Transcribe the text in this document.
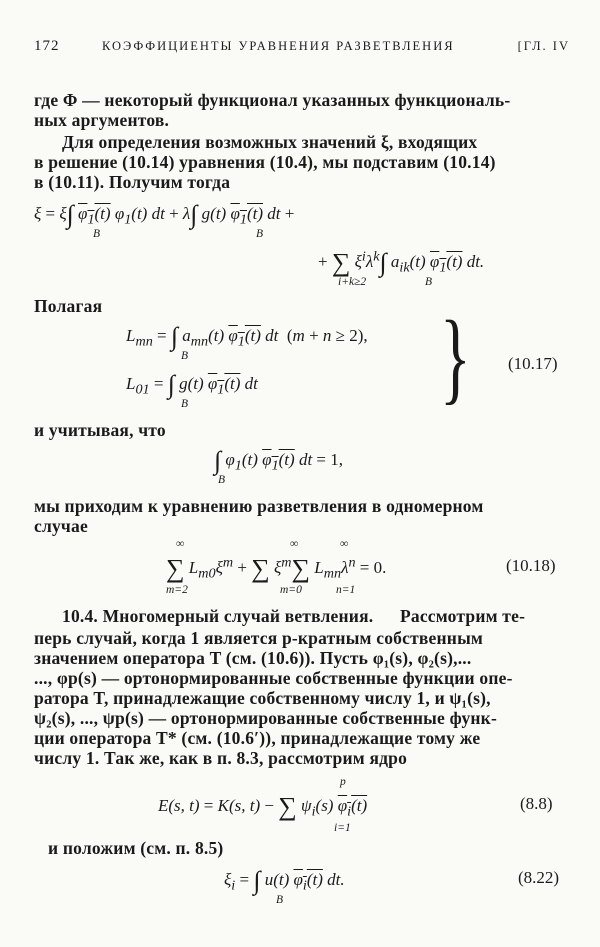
172	КОЭФФИЦИЕНТЫ УРАВНЕНИЯ РАЗВЕТВЛЕНИЯ	[ГЛ. IV
где Φ — некоторый функционал указанных функциональ-
ных аргументов.
Для определения возможных значений ξ, входящих
в решение (10.14) уравнения (10.4), мы подставим (10.14)
в (10.11). Получим тогда
ξ = ξ∫ $\varphi_1(t)$ $\varphi_1(t)$ dt + λ∫ g(t) $\varphi_1(t)$ dt +
B	B
+ ∑ $\xi^i\lambda^k\int$ $a_{ik}(t)$ $\varphi_1(t)$ dt.
i+k≥2	B
Полагая
$L_{mn}$ = ∫ $a_{mn}(t)$ $\varphi_1(t)$ dt  (m + n ≥ 2),
B
$L_{01}$ = ∫ g(t) $\varphi_1(t)$ dt
B	} (10.17)
и учитывая, что
∫ $\varphi_1(t)$ $\varphi_1(t)$ dt = 1,
B
мы приходим к уравнению разветвления в одномерном
случае
∞	∞	∞
∑ $L_{m0}\xi^m$ + ∑ $\xi^m\sum$ $L_{mn}\lambda^n = 0$.
m=2	m=0	n=1
(10.18)
10.4. Многомерный случай ветвления. Рассмотрим те-
перь случай, когда 1 является p-кратным собственным
значением оператора T (см. (10.6)). Пусть φ₁(s), φ₂(s),...
..., φp(s) — ортонормированные собственные функции опе-
ратора T, принадлежащие собственному числу 1, и ψ₁(s),
ψ₂(s), ..., ψp(s) — ортонормированные собственные функ-
ции оператора T* (см. (10.6′)), принадлежащие тому же
числу 1. Так же, как в п. 8.3, рассмотрим ядро
p
E(s, t) = K(s, t) − ∑ $\psi_i(s)$ $\varphi_i(t)$
i=1
(8.8)
и положим (см. п. 8.5)
$\xi_i$ = ∫ u(t) $\varphi_i(t)$ dt.
B
(8.22)
